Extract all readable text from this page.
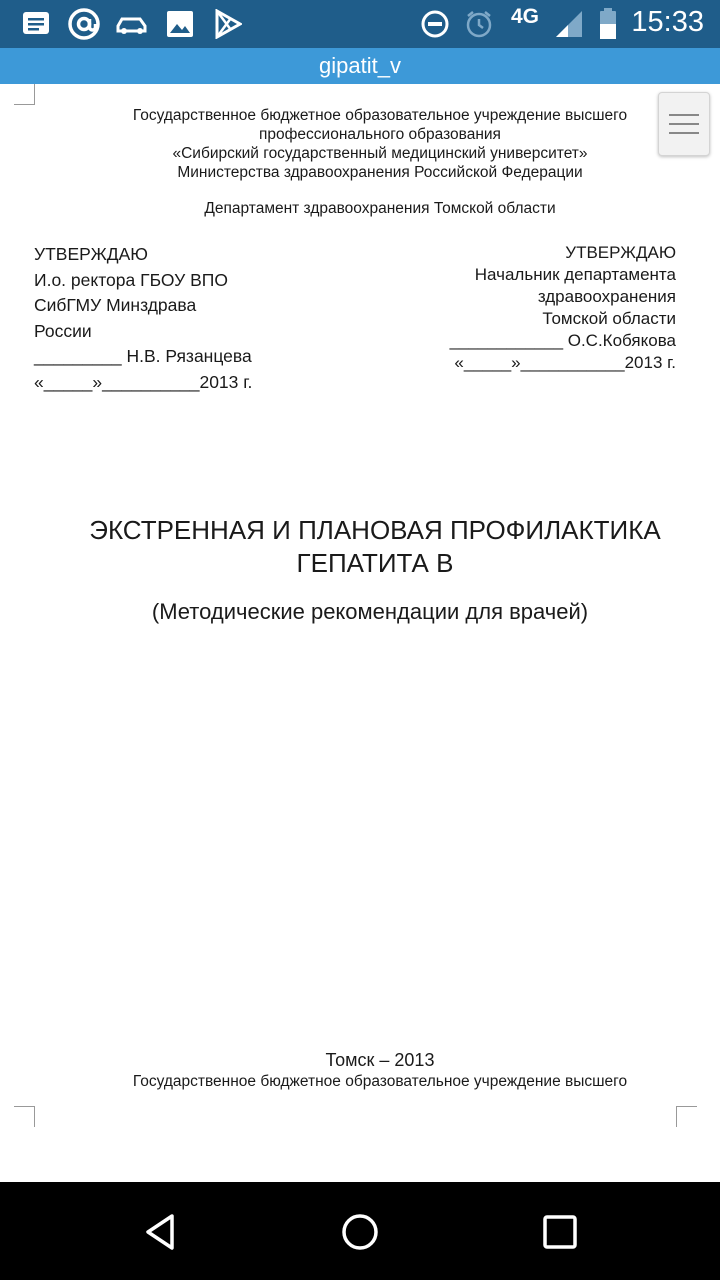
4G	15:33
gipatit_v
Государственное бюджетное образовательное учреждение высшего
профессионального образования
«Сибирский государственный медицинский университет»
Министерства здравоохранения Российской Федерации
Департамент здравоохранения Томской области
УТВЕРЖДАЮ
И.о. ректора ГБОУ ВПО
СибГМУ Минздрава
России
_________ Н.В. Рязанцева
«_____»__________2013 г.
УТВЕРЖДАЮ
Начальник департамента
здравоохранения
Томской области
____________ О.С.Кобякова
«_____»___________2013 г.
ЭКСТРЕННАЯ И ПЛАНОВАЯ ПРОФИЛАКТИКА
ГЕПАТИТА В
(Методические рекомендации для врачей)
Томск – 2013
Государственное бюджетное образовательное учреждение высшего
